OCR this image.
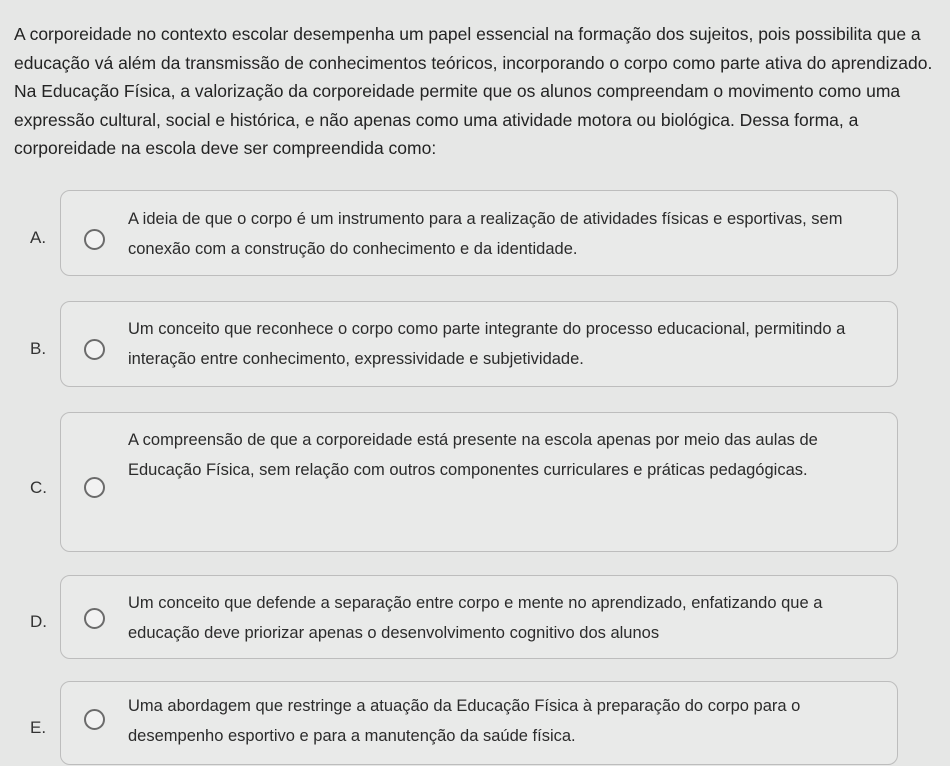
A corporeidade no contexto escolar desempenha um papel essencial na formação dos sujeitos, pois possibilita que a educação vá além da transmissão de conhecimentos teóricos, incorporando o corpo como parte ativa do aprendizado. Na Educação Física, a valorização da corporeidade permite que os alunos compreendam o movimento como uma expressão cultural, social e histórica, e não apenas como uma atividade motora ou biológica. Dessa forma, a corporeidade na escola deve ser compreendida como:
A.
A ideia de que o corpo é um instrumento para a realização de atividades físicas e esportivas, sem conexão com a construção do conhecimento e da identidade.
B.
Um conceito que reconhece o corpo como parte integrante do processo educacional, permitindo a interação entre conhecimento, expressividade e subjetividade.
C.
A compreensão de que a corporeidade está presente na escola apenas por meio das aulas de Educação Física, sem relação com outros componentes curriculares e práticas pedagógicas.
D.
Um conceito que defende a separação entre corpo e mente no aprendizado, enfatizando que a educação deve priorizar apenas o desenvolvimento cognitivo dos alunos
E.
Uma abordagem que restringe a atuação da Educação Física à preparação do corpo para o desempenho esportivo e para a manutenção da saúde física.
